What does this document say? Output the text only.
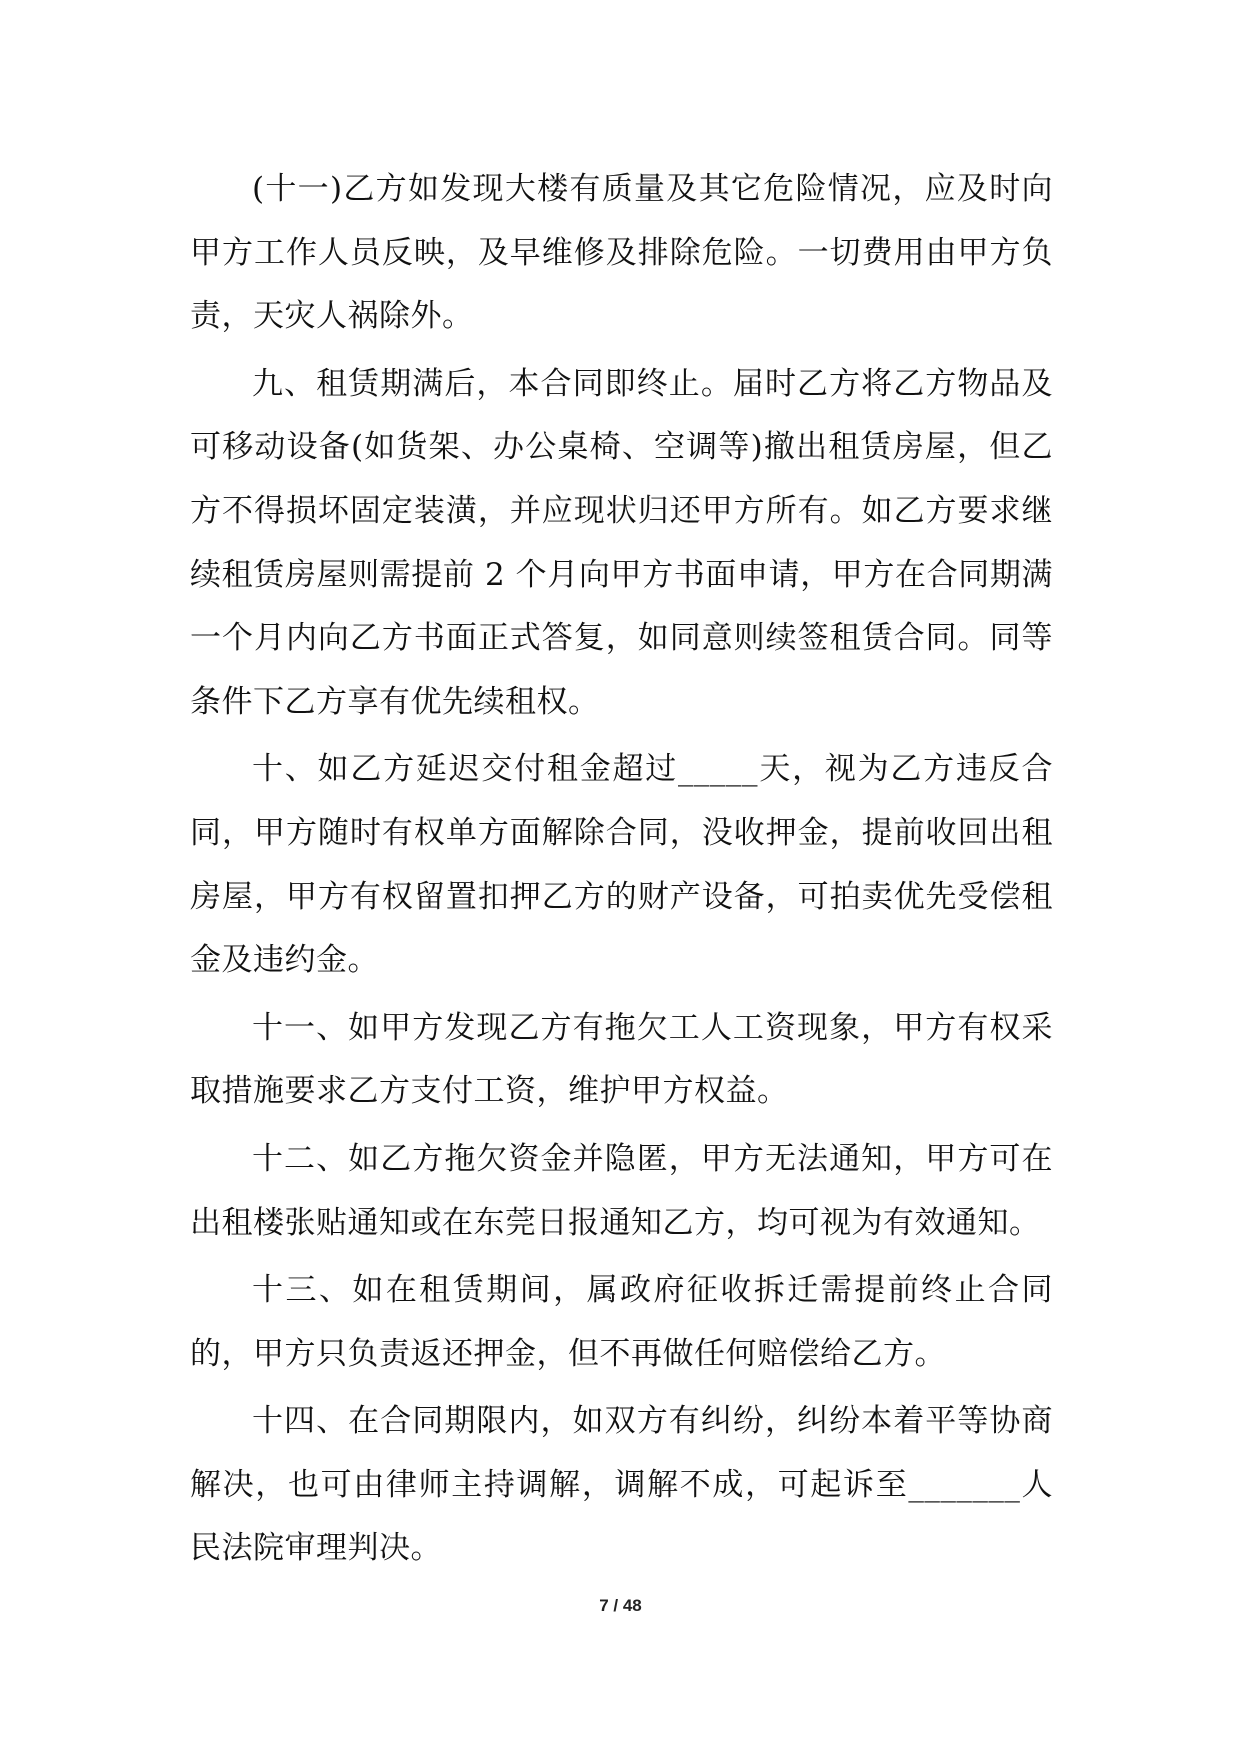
(十一)乙方如发现大楼有质量及其它危险情况，应及时向甲方工作人员反映，及早维修及排除危险。一切费用由甲方负责，天灾人祸除外。

九、租赁期满后，本合同即终止。届时乙方将乙方物品及可移动设备(如货架、办公桌椅、空调等)撤出租赁房屋，但乙方不得损坏固定装潢，并应现状归还甲方所有。如乙方要求继续租赁房屋则需提前 2 个月向甲方书面申请，甲方在合同期满一个月内向乙方书面正式答复，如同意则续签租赁合同。同等条件下乙方享有优先续租权。

十、如乙方延迟交付租金超过_____天，视为乙方违反合同，甲方随时有权单方面解除合同，没收押金，提前收回出租房屋，甲方有权留置扣押乙方的财产设备，可拍卖优先受偿租金及违约金。

十一、如甲方发现乙方有拖欠工人工资现象，甲方有权采取措施要求乙方支付工资，维护甲方权益。

十二、如乙方拖欠资金并隐匿，甲方无法通知，甲方可在出租楼张贴通知或在东莞日报通知乙方，均可视为有效通知。

十三、如在租赁期间，属政府征收拆迁需提前终止合同的，甲方只负责返还押金，但不再做任何赔偿给乙方。

十四、在合同期限内，如双方有纠纷，纠纷本着平等协商解决，也可由律师主持调解，调解不成，可起诉至_______人民法院审理判决。

7 / 48
